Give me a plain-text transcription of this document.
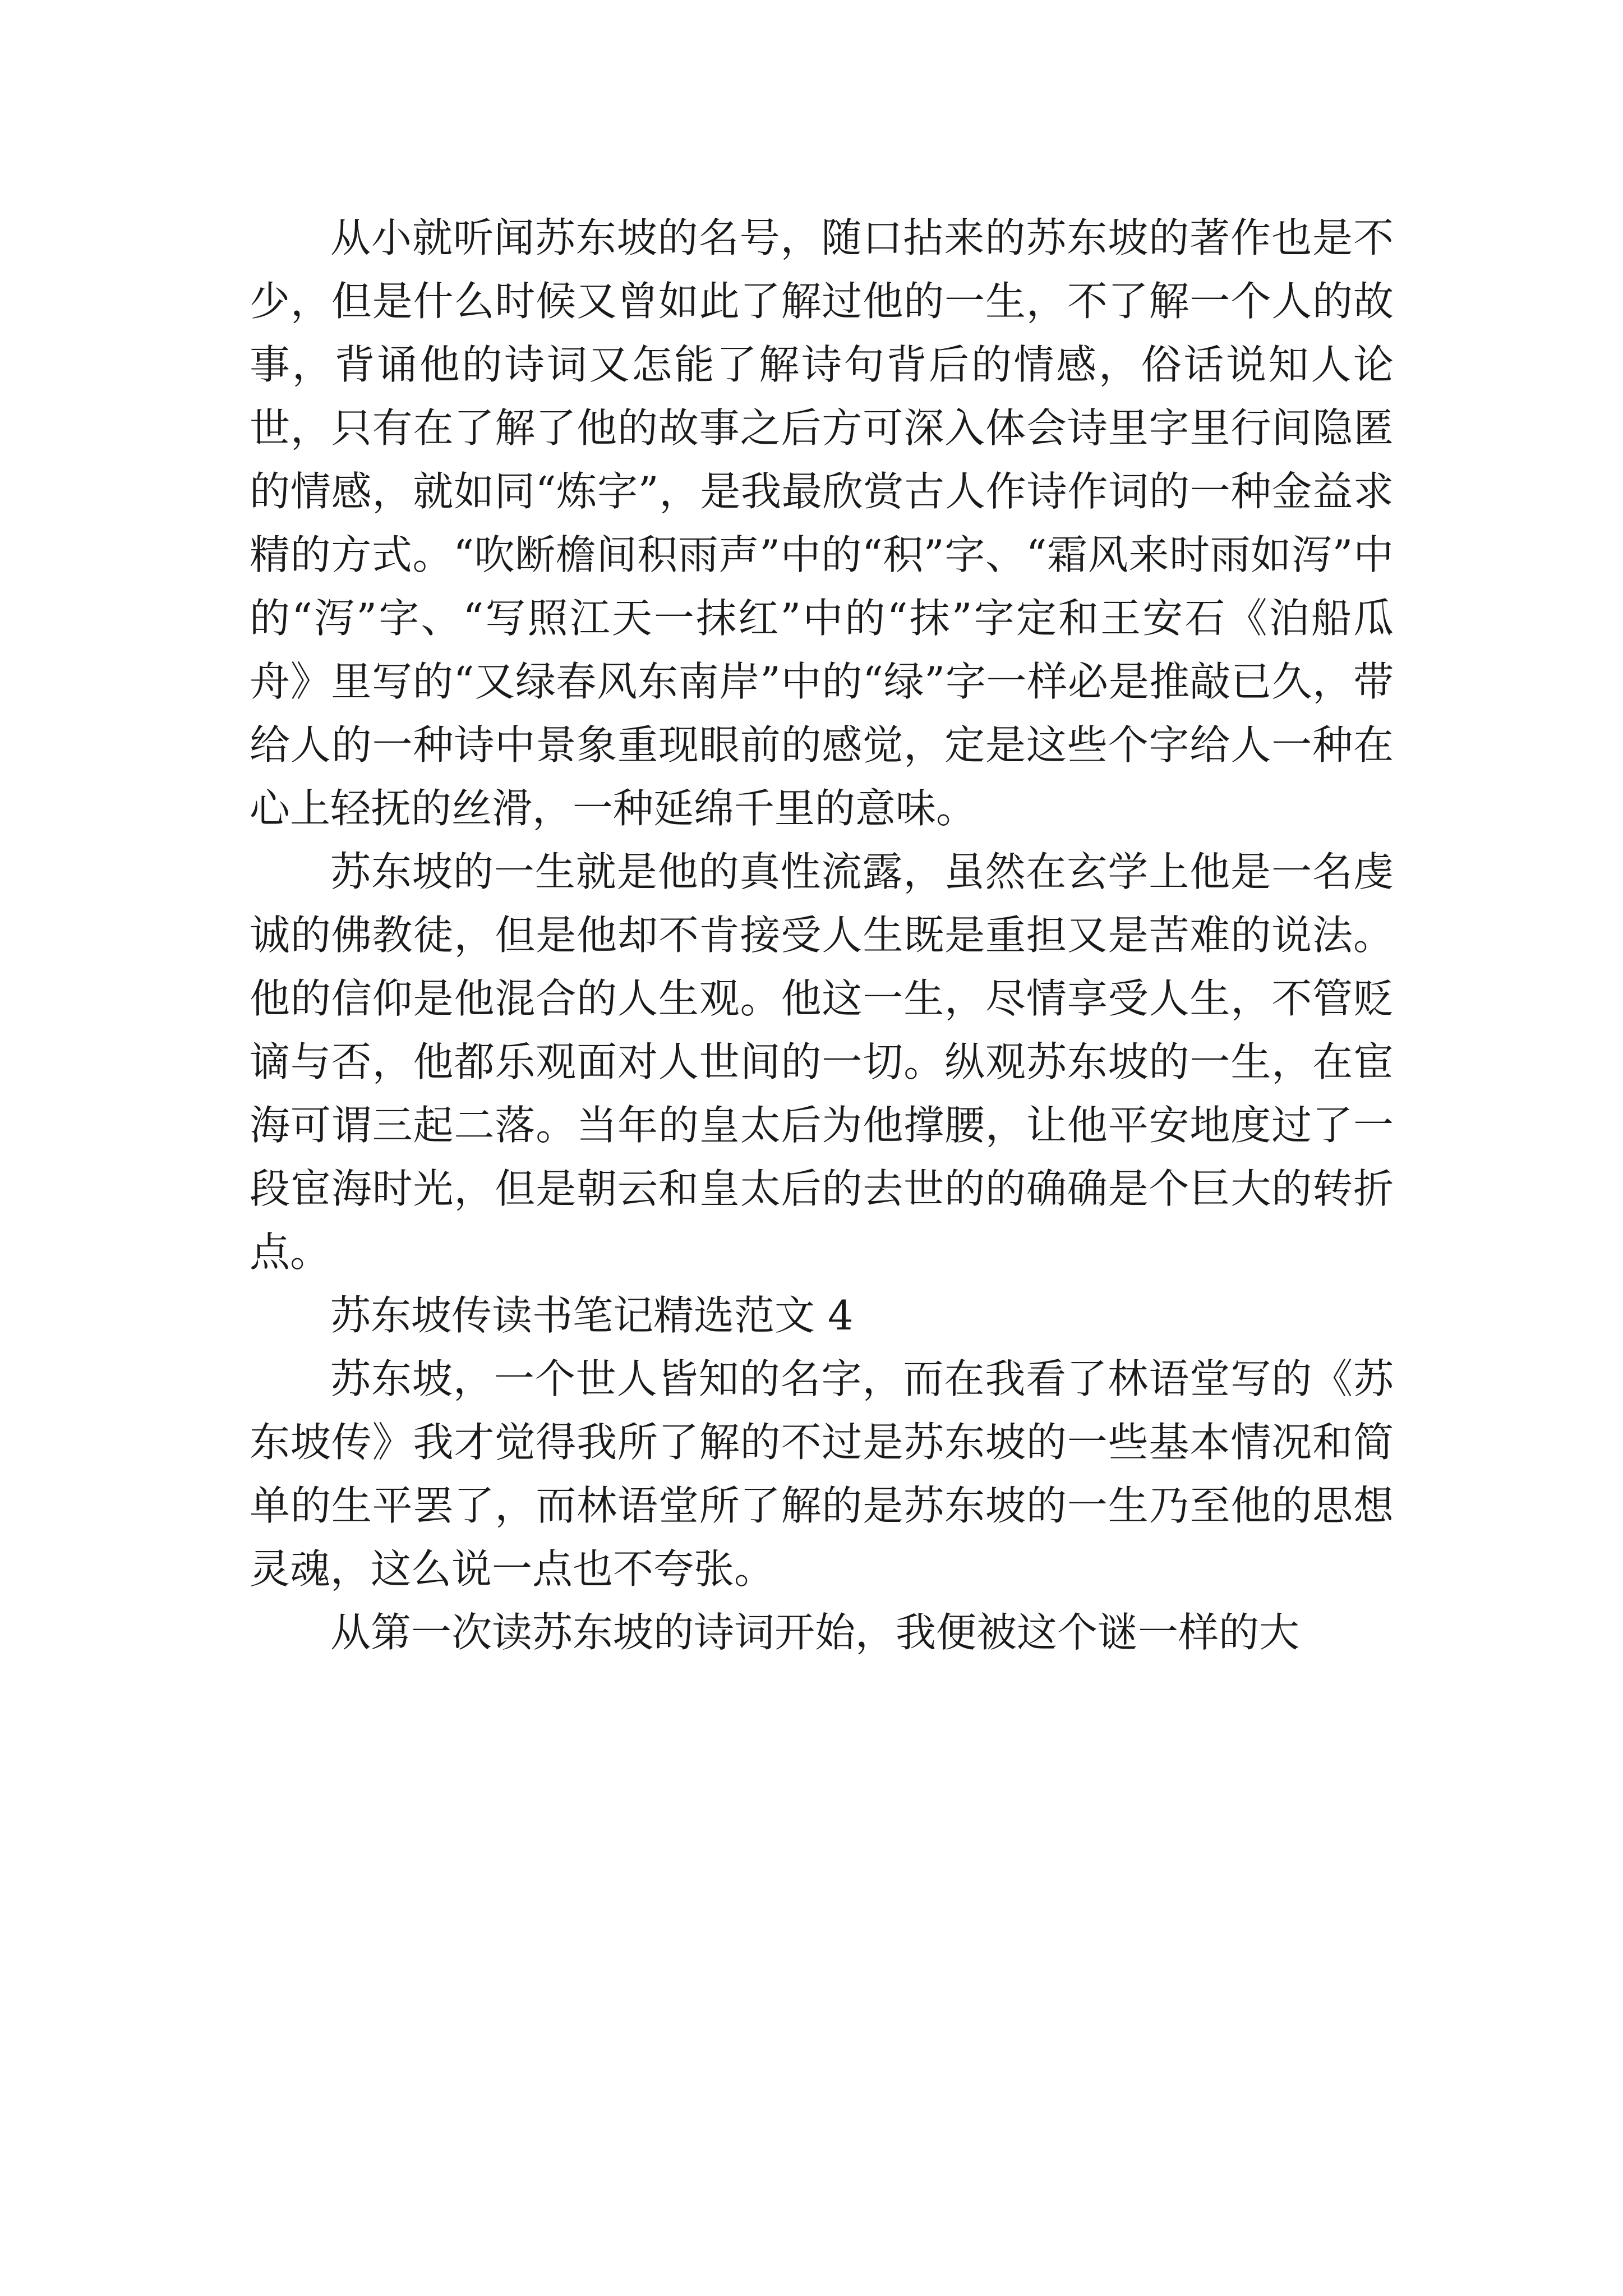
从小就听闻苏东坡的名号，随口拈来的苏东坡的著作也是不少，但是什么时候又曾如此了解过他的一生，不了解一个人的故事，背诵他的诗词又怎能了解诗句背后的情感，俗话说知人论世，只有在了解了他的故事之后方可深入体会诗里字里行间隐匿的情感，就如同“炼字”，是我最欣赏古人作诗作词的一种金益求精的方式。“吹断檐间积雨声”中的“积”字、“霜风来时雨如泻”中的“泻”字、“写照江天一抹红”中的“抹”字定和王安石《泊船瓜舟》里写的“又绿春风东南岸”中的“绿”字一样必是推敲已久，带给人的一种诗中景象重现眼前的感觉，定是这些个字给人一种在心上轻抚的丝滑，一种延绵千里的意味。

苏东坡的一生就是他的真性流露，虽然在玄学上他是一名虔诚的佛教徒，但是他却不肯接受人生既是重担又是苦难的说法。他的信仰是他混合的人生观。他这一生，尽情享受人生，不管贬谪与否，他都乐观面对人世间的一切。纵观苏东坡的一生，在宦海可谓三起二落。当年的皇太后为他撑腰，让他平安地度过了一段宦海时光，但是朝云和皇太后的去世的的确确是个巨大的转折点。

苏东坡传读书笔记精选范文 4

苏东坡，一个世人皆知的名字，而在我看了林语堂写的《苏东坡传》我才觉得我所了解的不过是苏东坡的一些基本情况和简单的生平罢了，而林语堂所了解的是苏东坡的一生乃至他的思想灵魂，这么说一点也不夸张。

从第一次读苏东坡的诗词开始，我便被这个谜一样的大
